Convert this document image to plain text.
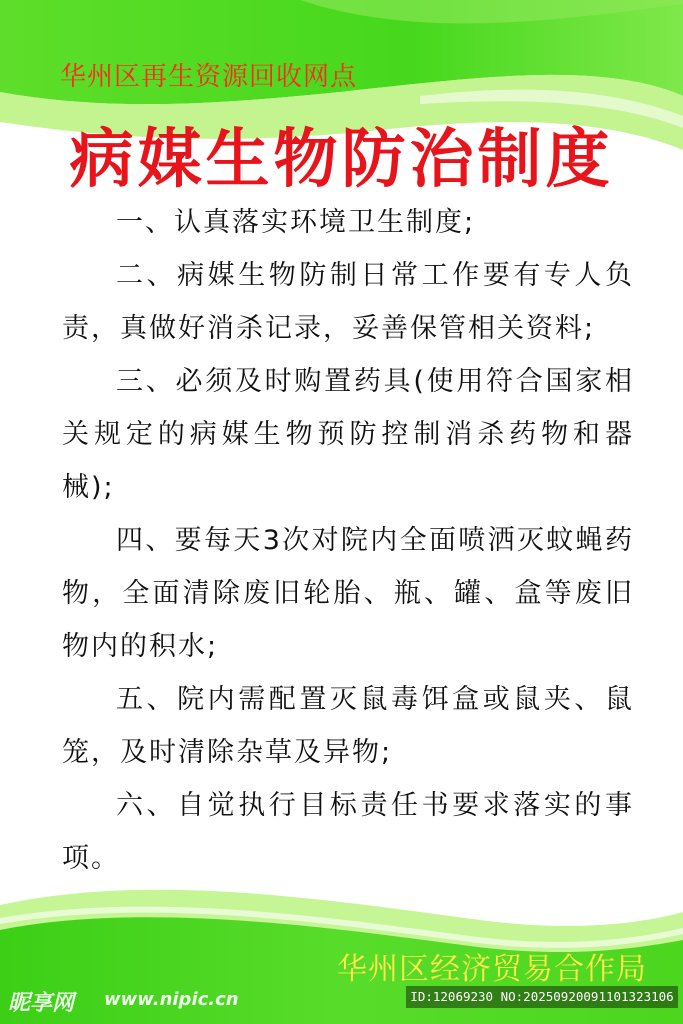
华州区再生资源回收网点
病媒生物防治制度

一、认真落实环境卫生制度;

二、病媒生物防制日常工作要有专人负责，真做好消杀记录，妥善保管相关资料;

三、必须及时购置药具(使用符合国家相关规定的病媒生物预防控制消杀药物和器械);

四、要每天3次对院内全面喷洒灭蚊蝇药物，全面清除废旧轮胎、瓶、罐、盒等废旧物内的积水;

五、院内需配置灭鼠毒饵盒或鼠夹、鼠笼，及时清除杂草及异物;

六、自觉执行目标责任书要求落实的事项。

华州区经济贸易合作局
昵享网 www.nipic.cn	ID:12069230 NO:20250920091101323106
